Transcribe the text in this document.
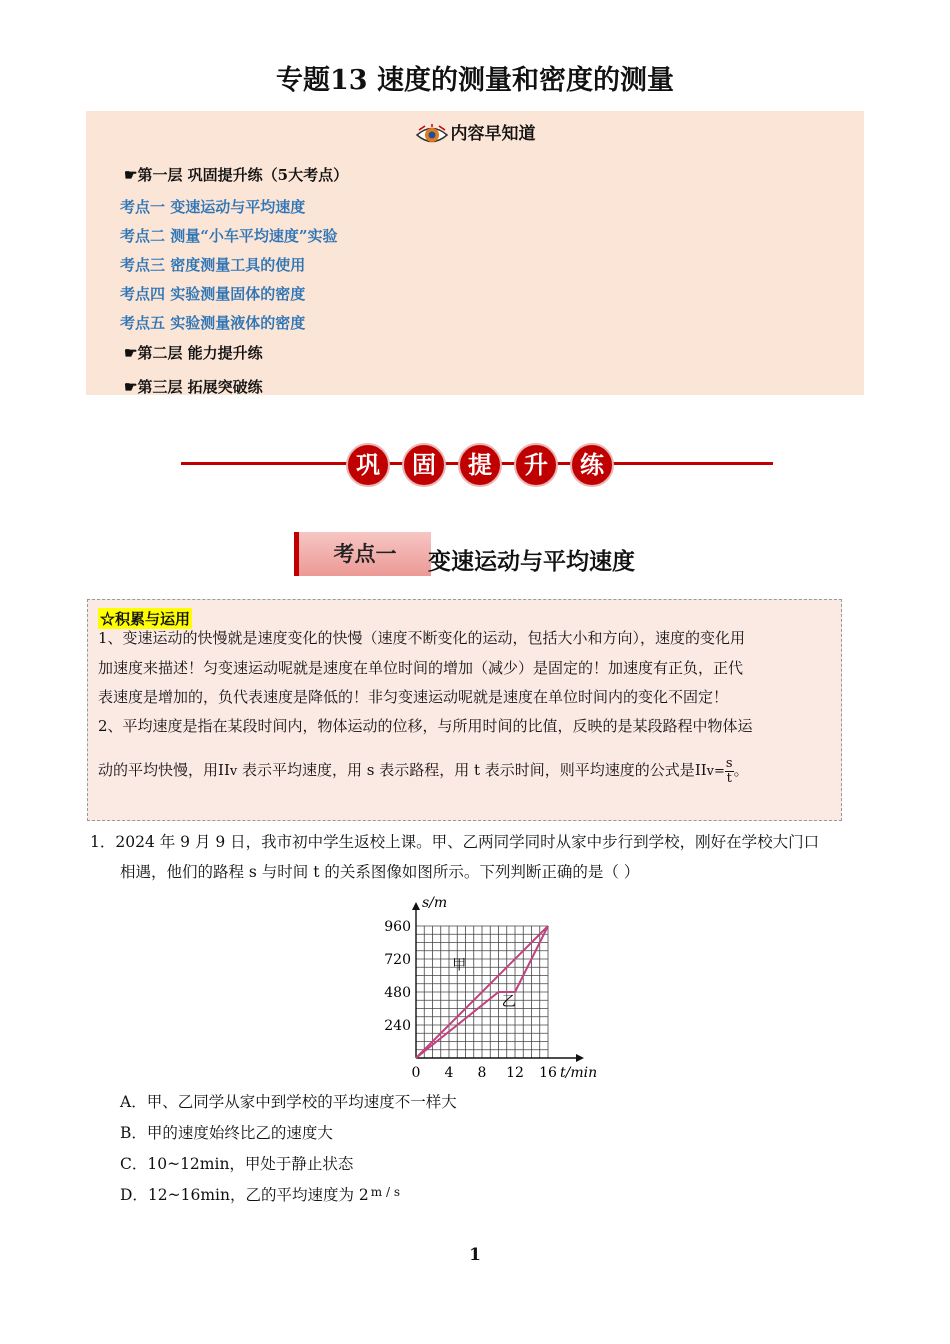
专题13 速度的测量和密度的测量
内容早知道
☛第一层 巩固提升练（5大考点）
考点一 变速运动与平均速度
考点二 测量“小车平均速度”实验
考点三 密度测量工具的使用
考点四 实验测量固体的密度
考点五 实验测量液体的密度
☛第二层 能力提升练
☛第三层 拓展突破练
巩	固	提	升	练
考点一	变速运动与平均速度
☆积累与运用
1、变速运动的快慢就是速度变化的快慢（速度不断变化的运动，包括大小和方向），速度的变化用
加速度来描述！匀变速运动呢就是速度在单位时间的增加（减少）是固定的！加速度有正负，正代
表速度是增加的，负代表速度是降低的！非匀变速运动呢就是速度在单位时间内的变化不固定！
2、平均速度是指在某段时间内，物体运动的位移，与所用时间的比值，反映的是某段路程中物体运
动的平均快慢，用IIv 表示平均速度，用 s 表示路程，用 t 表示时间，则平均速度的公式是$IIv= \frac{s}{t}$ 。
1．2024 年 9 月 9 日，我市初中学生返校上课。甲、乙两同学同时从家中步行到学校，刚好在学校大门口
相遇，他们的路程 s 与时间 t 的关系图像如图所示。下列判断正确的是（ ）
0 4 8 12 16
240
480
720
960
甲
乙
s/m
t/min
A．甲、乙同学从家中到学校的平均速度不一样大
B．甲的速度始终比乙的速度大
C．10~12min，甲处于静止状态
D．12~16min，乙的平均速度为 2 $^{m / s}$
1
